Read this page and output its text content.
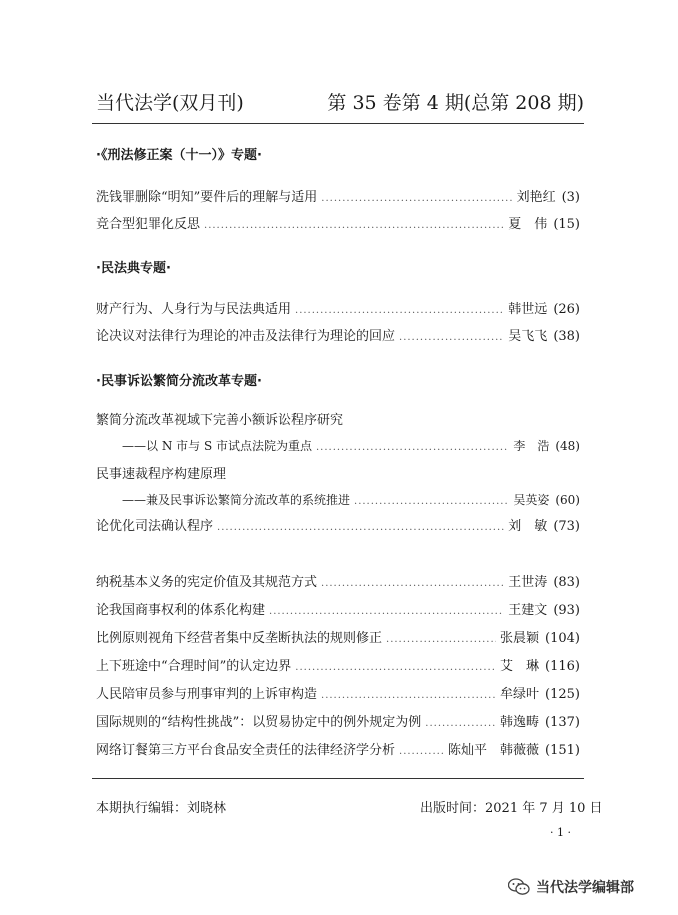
当代法学(双月刊)	第 35 卷第 4 期(总第 208 期)
·《刑法修正案（十一）》专题·
洗钱罪删除“明知”要件后的理解与适用 .....	刘艳红 (3)
竞合型犯罪化反思 .....	夏　伟 (15)
·民法典专题·
财产行为、人身行为与民法典适用 .....	韩世远 (26)
论决议对法律行为理论的冲击及法律行为理论的回应 .....	吴飞飞 (38)
·民事诉讼繁简分流改革专题·
繁简分流改革视域下完善小额诉讼程序研究
——以 N 市与 S 市试点法院为重点 .....	李　浩 (48)
民事速裁程序构建原理
——兼及民事诉讼繁简分流改革的系统推进 .....	吴英姿 (60)
论优化司法确认程序 .....	刘　敏 (73)
纳税基本义务的宪定价值及其规范方式 .....	王世涛 (83)
论我国商事权利的体系化构建 .....	王建文 (93)
比例原则视角下经营者集中反垄断执法的规则修正 .....	张晨颖 (104)
上下班途中“合理时间”的认定边界 .....	艾　琳 (116)
人民陪审员参与刑事审判的上诉审构造 .....	牟绿叶 (125)
国际规则的“结构性挑战”：以贸易协定中的例外规定为例 .....	韩逸畴 (137)
网络订餐第三方平台食品安全责任的法律经济学分析 .....	陈灿平　韩薇薇 (151)
本期执行编辑：刘晓林	出版时间：2021 年 7 月 10 日
· 1 ·
当代法学编辑部
